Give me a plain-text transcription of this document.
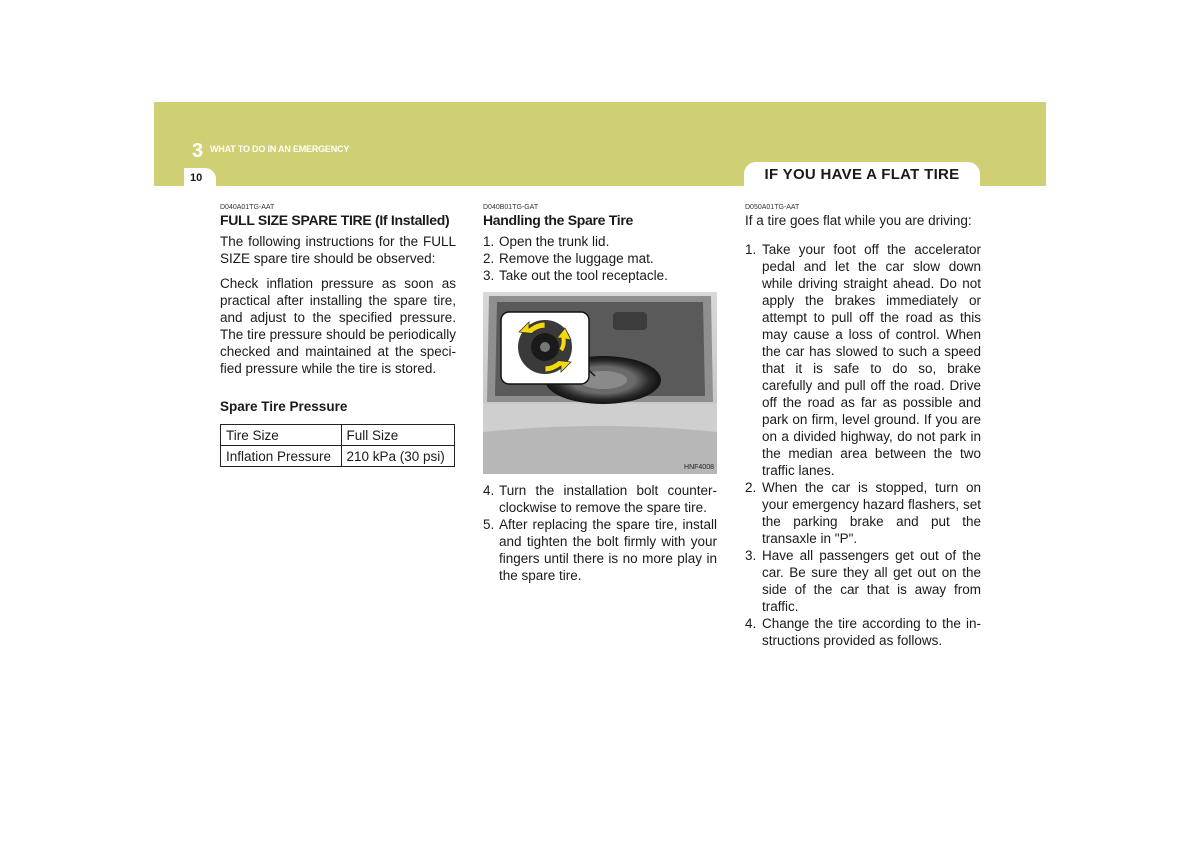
3 WHAT TO DO IN AN EMERGENCY
10	IF YOU HAVE A FLAT TIRE
D040A01TG-AAT
FULL SIZE SPARE TIRE (If Installed)

The following instructions for the FULL SIZE spare tire should be observed:

Check inflation pressure as soon as practical after installing the spare tire, and adjust to the specified pressure. The tire pressure should be periodically checked and maintained at the speci-fied pressure while the tire is stored.

Spare Tire Pressure
Tire Size	Full Size
Inflation Pressure	210 kPa (30 psi)
D040B01TG-GAT
Handling the Spare Tire
1. Open the trunk lid.
2. Remove the luggage mat.
3. Take out the tool receptacle.
HNF4008
4. Turn the installation bolt counter-clockwise to remove the spare tire.
5. After replacing the spare tire, install and tighten the bolt firmly with your fingers until there is no more play in the spare tire.
D050A01TG-AAT

If a tire goes flat while you are driving:

1. Take your foot off the accelerator pedal and let the car slow down while driving straight ahead. Do not apply the brakes immediately or attempt to pull off the road as this may cause a loss of control. When the car has slowed to such a speed that it is safe to do so, brake carefully and pull off the road. Drive off the road as far as possible and park on firm, level ground. If you are on a divided highway, do not park in the median area between the two traffic lanes.
2. When the car is stopped, turn on your emergency hazard flashers, set the parking brake and put the transaxle in "P".
3. Have all passengers get out of the car. Be sure they all get out on the side of the car that is away from traffic.
4. Change the tire according to the in-structions provided as follows.
